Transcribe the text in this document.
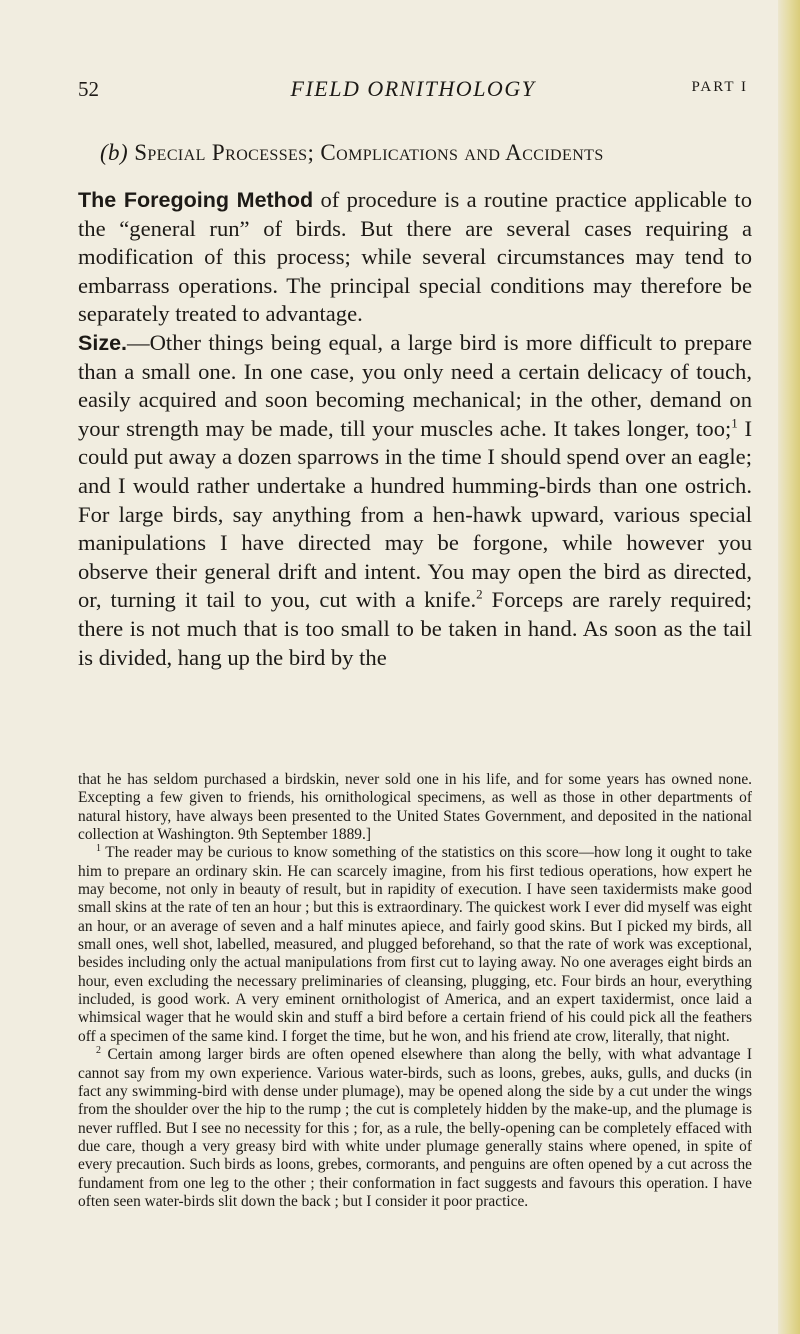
52	FIELD ORNITHOLOGY	PART I
(b) Special Processes; Complications and Accidents
The Foregoing Method of procedure is a routine practice applicable to the “general run” of birds. But there are several cases requiring a modification of this process; while several circumstances may tend to embarrass operations. The principal special conditions may therefore be separately treated to advantage.
Size.—Other things being equal, a large bird is more difficult to prepare than a small one. In one case, you only need a certain delicacy of touch, easily acquired and soon becoming mechanical; in the other, demand on your strength may be made, till your muscles ache. It takes longer, too;$^1$ I could put away a dozen sparrows in the time I should spend over an eagle; and I would rather undertake a hundred humming-birds than one ostrich. For large birds, say anything from a hen-hawk upward, various special manipulations I have directed may be forgone, while however you observe their general drift and intent. You may open the bird as directed, or, turning it tail to you, cut with a knife.$^2$ Forceps are rarely required; there is not much that is too small to be taken in hand. As soon as the tail is divided, hang up the bird by the

that he has seldom purchased a birdskin, never sold one in his life, and for some years has owned none. Excepting a few given to friends, his ornithological specimens, as well as those in other departments of natural history, have always been presented to the United States Government, and deposited in the national collection at Washington. 9th September 1889.]

$^1$ The reader may be curious to know something of the statistics on this score—how long it ought to take him to prepare an ordinary skin. He can scarcely imagine, from his first tedious operations, how expert he may become, not only in beauty of result, but in rapidity of execution. I have seen taxidermists make good small skins at the rate of ten an hour ; but this is extraordinary. The quickest work I ever did myself was eight an hour, or an average of seven and a half minutes apiece, and fairly good skins. But I picked my birds, all small ones, well shot, labelled, measured, and plugged beforehand, so that the rate of work was exceptional, besides including only the actual manipulations from first cut to laying away. No one averages eight birds an hour, even excluding the necessary preliminaries of cleansing, plugging, etc. Four birds an hour, everything included, is good work. A very eminent ornithologist of America, and an expert taxidermist, once laid a whimsical wager that he would skin and stuff a bird before a certain friend of his could pick all the feathers off a specimen of the same kind. I forget the time, but he won, and his friend ate crow, literally, that night.

$^2$ Certain among larger birds are often opened elsewhere than along the belly, with what advantage I cannot say from my own experience. Various water-birds, such as loons, grebes, auks, gulls, and ducks (in fact any swimming-bird with dense under plumage), may be opened along the side by a cut under the wings from the shoulder over the hip to the rump ; the cut is completely hidden by the make-up, and the plumage is never ruffled. But I see no necessity for this ; for, as a rule, the belly-opening can be completely effaced with due care, though a very greasy bird with white under plumage generally stains where opened, in spite of every precaution. Such birds as loons, grebes, cormorants, and penguins are often opened by a cut across the fundament from one leg to the other ; their conformation in fact suggests and favours this operation. I have often seen water-birds slit down the back ; but I consider it poor practice.
